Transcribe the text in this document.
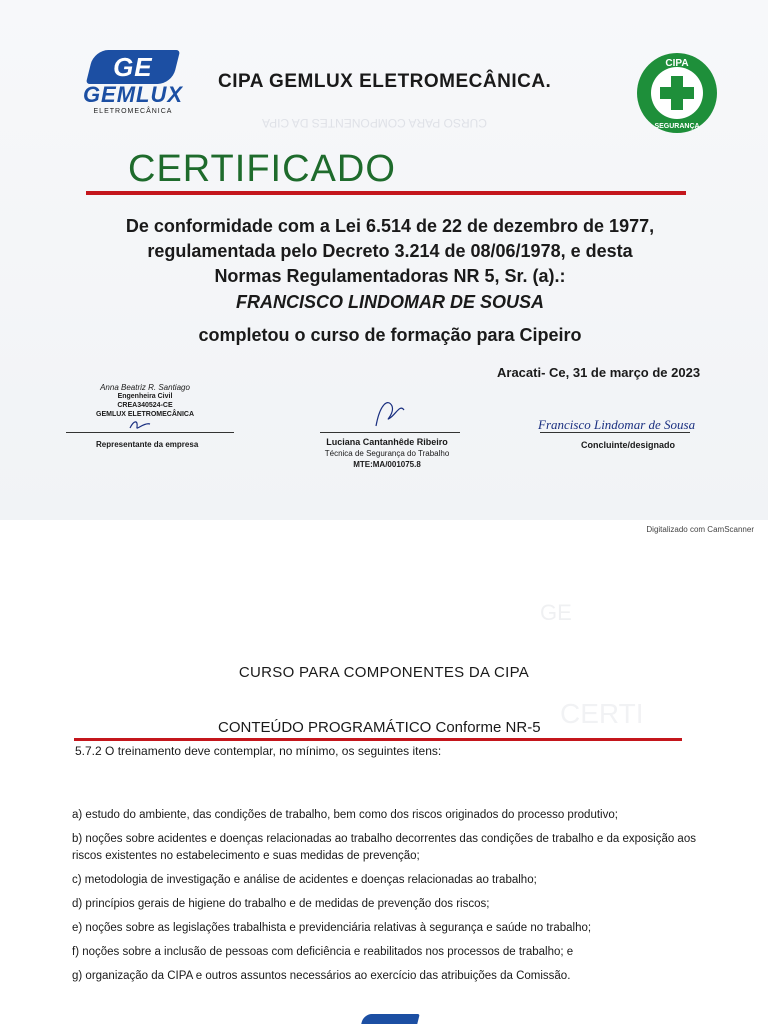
CURSO PARA COMPONENTES DA CIPA
GE
GEMLUX
ELETROMECÂNICA
CIPA GEMLUX ELETROMECÂNICA.
CIPA
SEGURANÇA
CERTIFICADO
De conformidade com a Lei 6.514 de 22 de dezembro de 1977,
regulamentada pelo Decreto 3.214 de 08/06/1978, e desta
Normas Regulamentadoras NR 5, Sr. (a).:
FRANCISCO LINDOMAR DE SOUSA
completou o curso de formação para Cipeiro
Aracati- Ce, 31 de março de 2023
Anna Beatriz R. Santiago
Engenheira Civil
CREA340524-CE
GEMLUX ELETROMECÂNICA
Representante da empresa	Luciana Cantanhêde Ribeiro
Técnica de Segurança do Trabalho
MTE:MA/001075.8
Francisco Lindomar de Sousa
Concluinte/designado
Digitalizado com CamScanner
GE
CERTI
CURSO PARA COMPONENTES DA CIPA
CONTEÚDO PROGRAMÁTICO Conforme NR-5
5.7.2 O treinamento deve contemplar, no mínimo, os seguintes itens:
a) estudo do ambiente, das condições de trabalho, bem como dos riscos originados do processo produtivo;
b) noções sobre acidentes e doenças relacionadas ao trabalho decorrentes das condições de trabalho e da exposição aos riscos existentes no estabelecimento e suas medidas de prevenção;
c) metodologia de investigação e análise de acidentes e doenças relacionadas ao trabalho;
d) princípios gerais de higiene do trabalho e de medidas de prevenção dos riscos;
e) noções sobre as legislações trabalhista e previdenciária relativas à segurança e saúde no trabalho;
f) noções sobre a inclusão de pessoas com deficiência e reabilitados nos processos de trabalho; e
g) organização da CIPA e outros assuntos necessários ao exercício das atribuições da Comissão.
